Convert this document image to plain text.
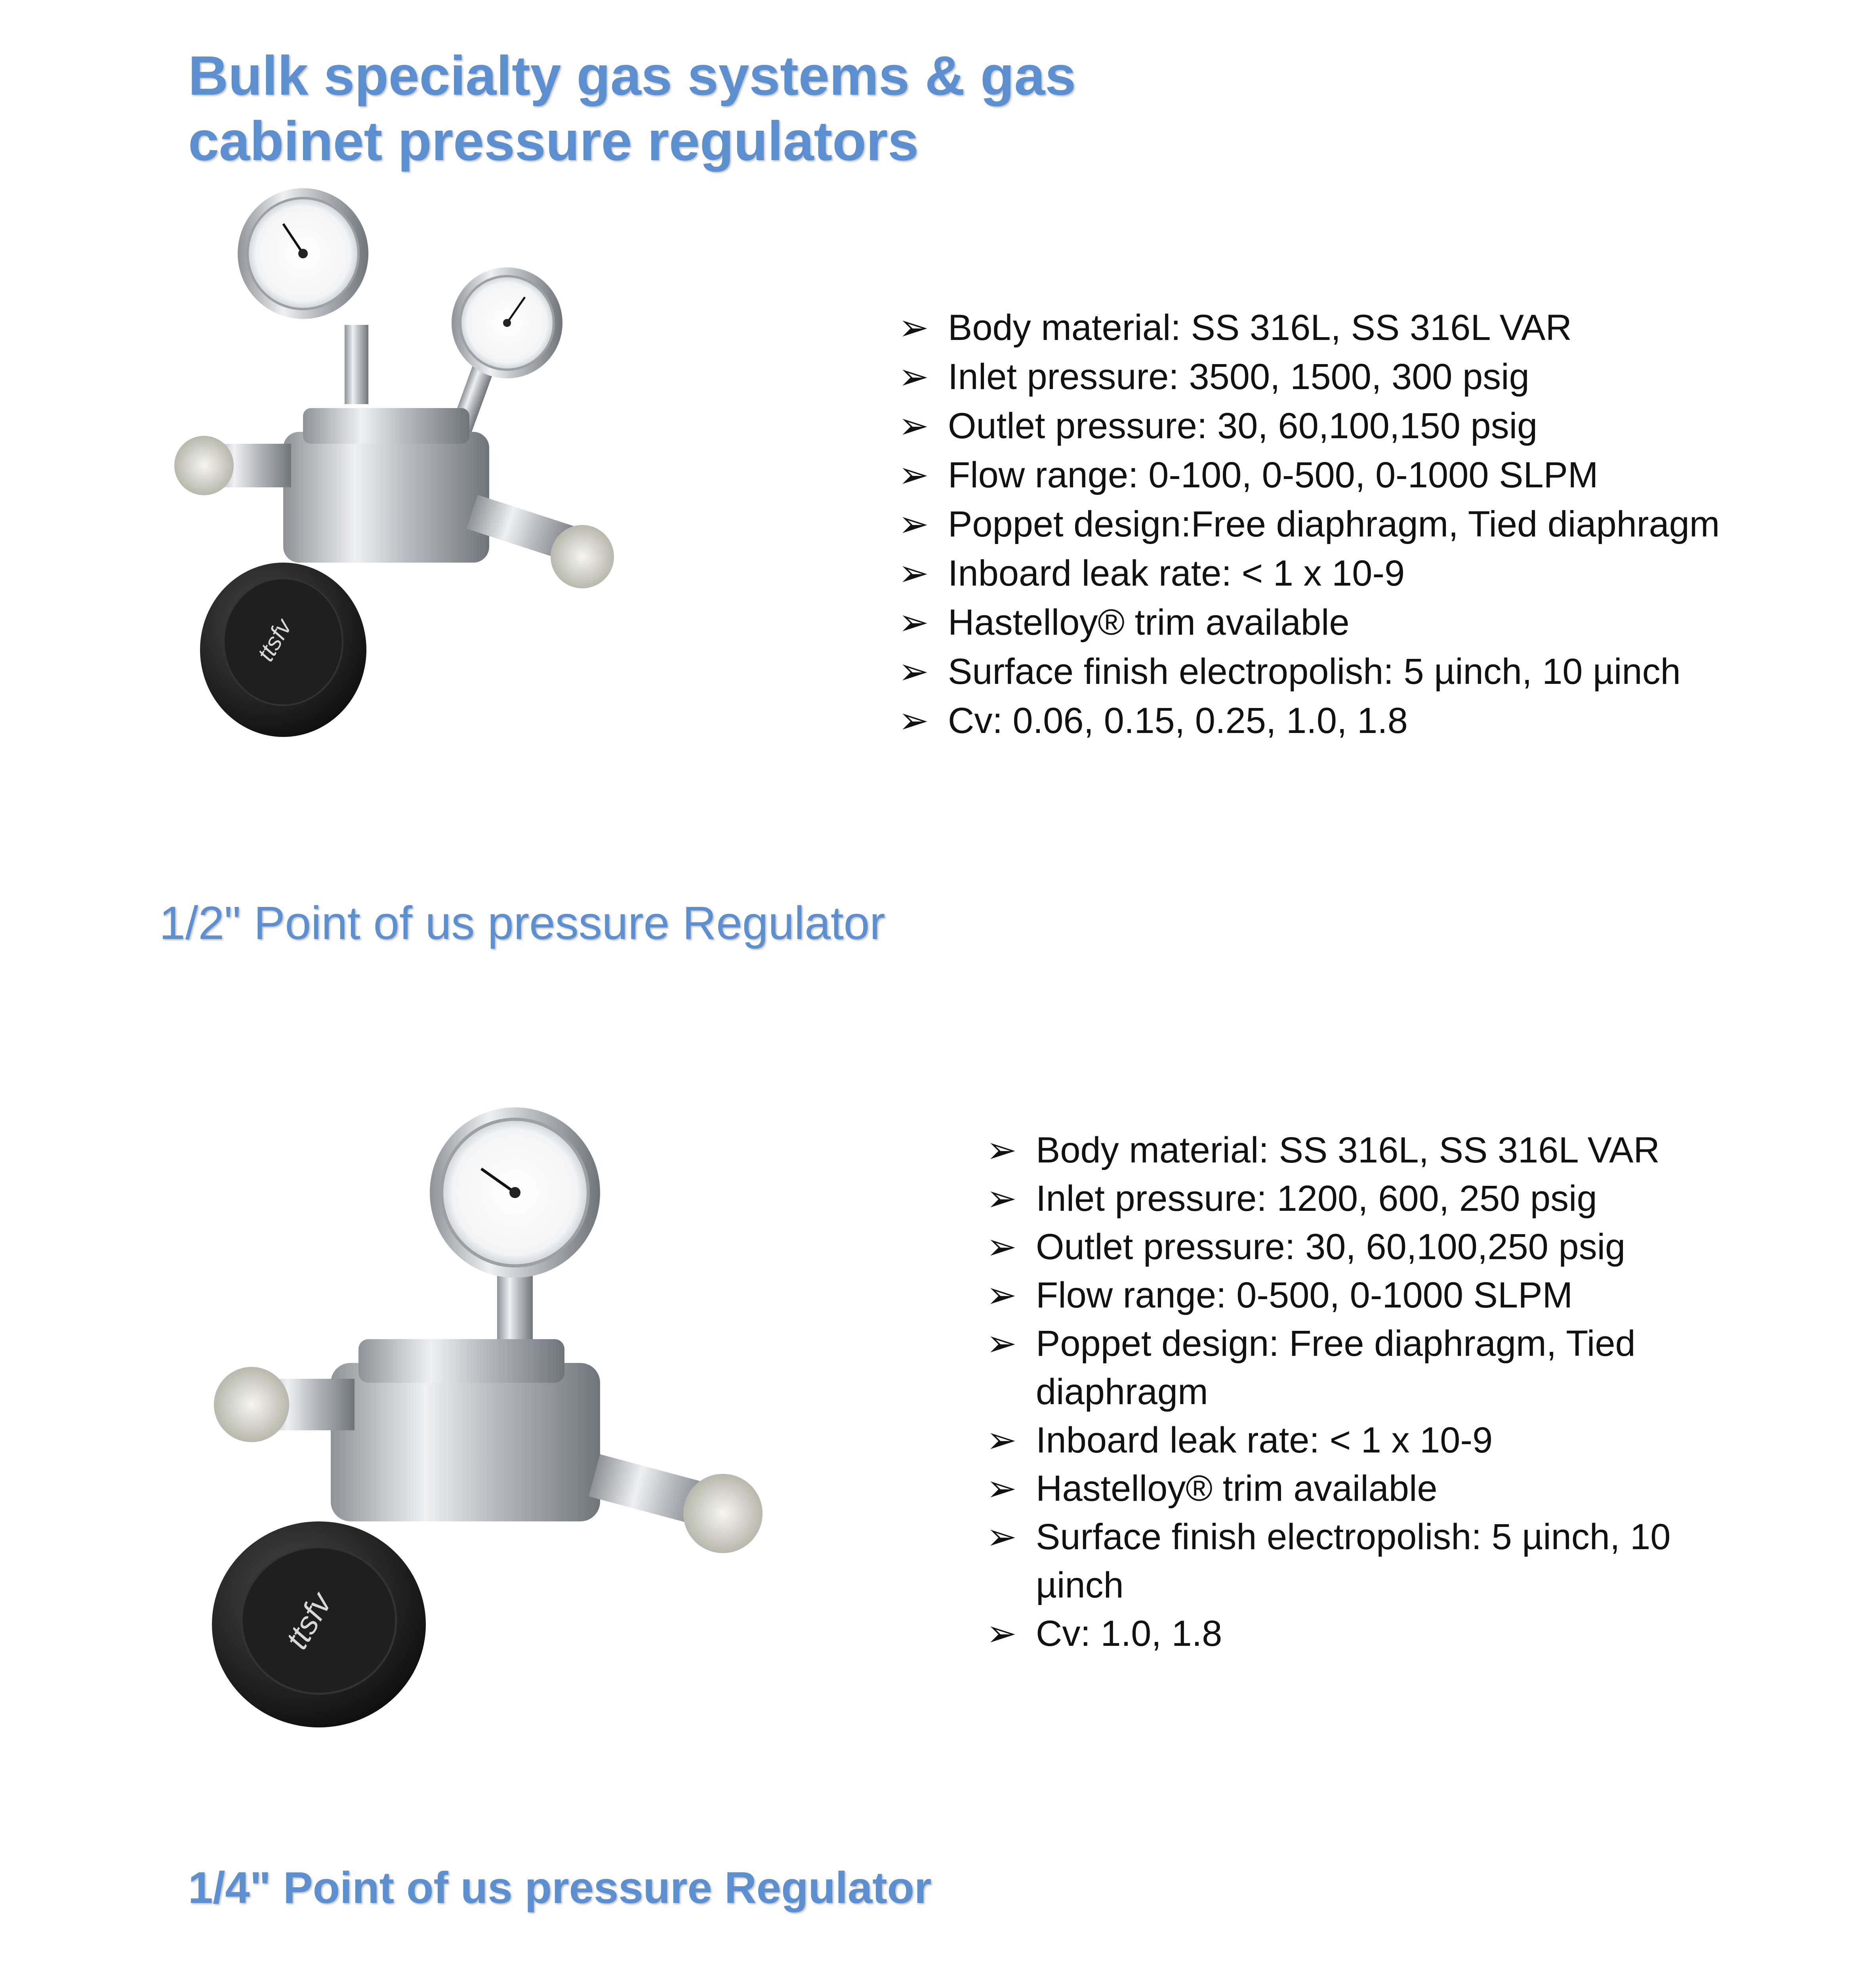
Bulk specialty gas systems & gas cabinet pressure regulators
ttsfv
➢ Body material: SS 316L, SS 316L VAR
➢ Inlet pressure: 3500, 1500, 300 psig
➢ Outlet pressure: 30, 60,100,150 psig
➢ Flow range: 0-100, 0-500, 0-1000 SLPM
➢ Poppet design:Free diaphragm, Tied diaphragm
➢ Inboard leak rate: < 1 x 10-9
➢ Hastelloy® trim available
➢ Surface finish electropolish: 5 µinch, 10 µinch
➢ Cv: 0.06, 0.15, 0.25, 1.0, 1.8
1/2" Point of us pressure Regulator
ttsfv
➢ Body material: SS 316L, SS 316L VAR
➢ Inlet pressure: 1200, 600, 250 psig
➢ Outlet pressure: 30, 60,100,250 psig
➢ Flow range: 0-500, 0-1000 SLPM
➢ Poppet design: Free diaphragm, Tied diaphragm
➢ Inboard leak rate: < 1 x 10-9
➢ Hastelloy® trim available
➢ Surface finish electropolish: 5 µinch, 10 µinch
➢ Cv: 1.0, 1.8
1/4" Point of us pressure Regulator
